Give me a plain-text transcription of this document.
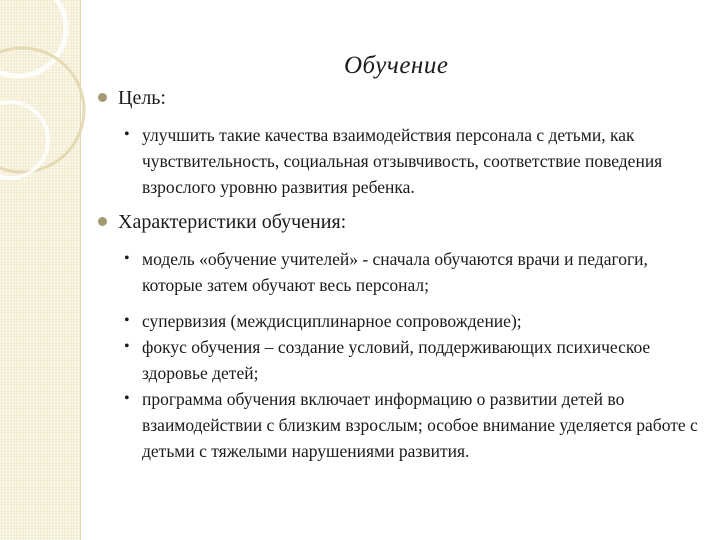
Обучение
Цель:
• улучшить такие качества взаимодействия персонала с детьми, как чувствительность, социальная отзывчивость, соответствие поведения взрослого уровню развития ребенка.
Характеристики обучения:
• модель «обучение учителей» - сначала обучаются врачи и педагоги, которые затем обучают весь персонал;
• супервизия (междисциплинарное сопровождение);
• фокус обучения – создание условий, поддерживающих психическое здоровье детей;
• программа обучения включает информацию о развитии детей во взаимодействии с близким взрослым; особое внимание уделяется работе с детьми с тяжелыми нарушениями развития.
